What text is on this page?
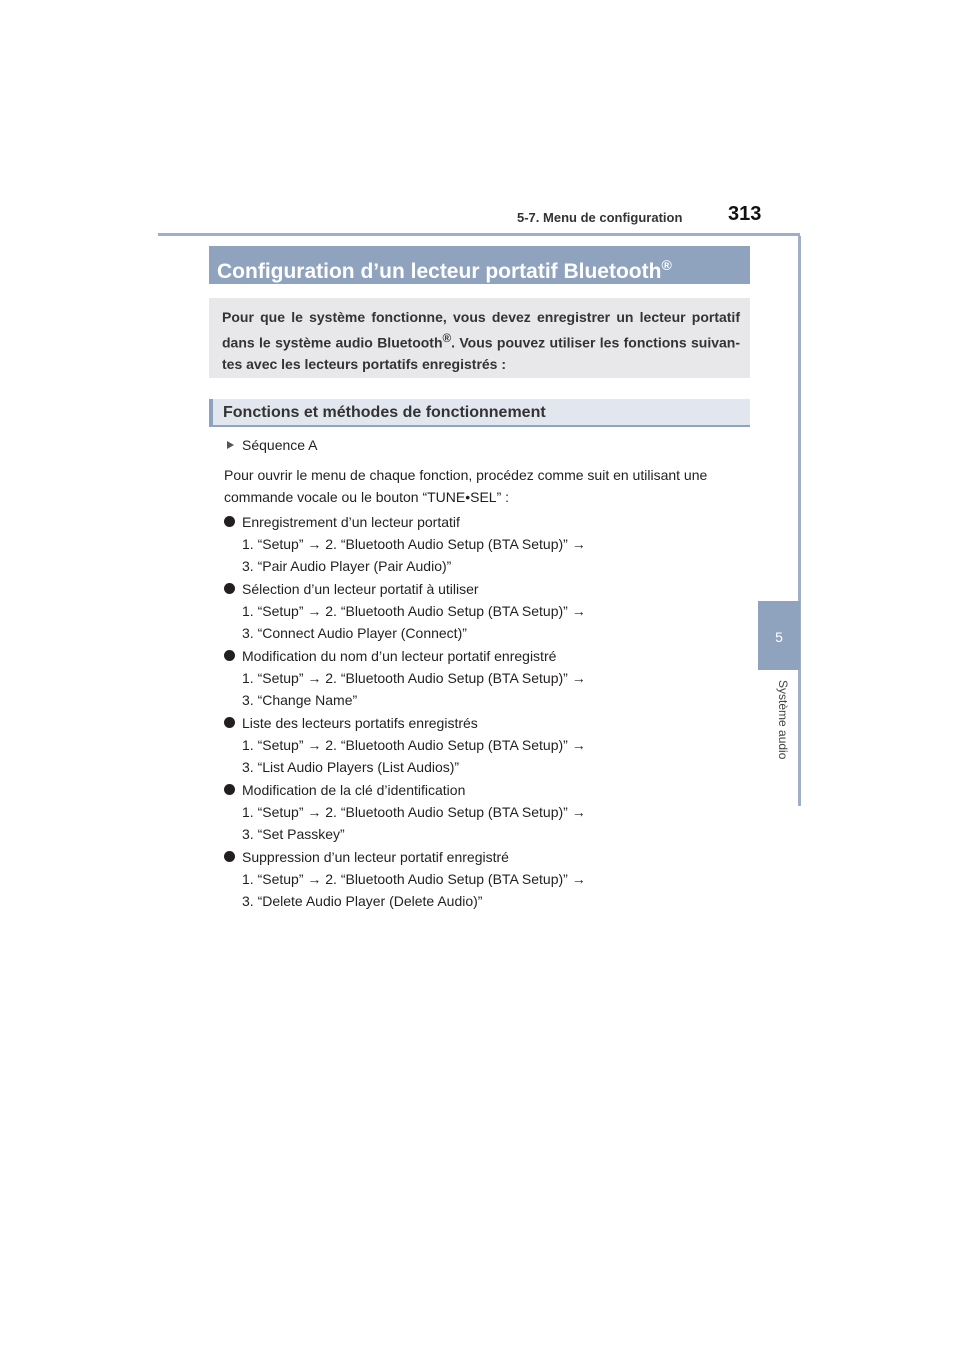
5-7. Menu de configuration 313
5
Système audio
Configuration d’un lecteur portatif Bluetooth®
Pour que le système fonctionne, vous devez enregistrer un lecteur portatif dans le système audio Bluetooth®. Vous pouvez utiliser les fonctions suivan-tes avec les lecteurs portatifs enregistrés :
Fonctions et méthodes de fonctionnement
Séquence A
Pour ouvrir le menu de chaque fonction, procédez comme suit en utilisant une commande vocale ou le bouton “TUNE•SEL” :
Enregistrement d’un lecteur portatif
1. “Setup” → 2. “Bluetooth Audio Setup (BTA Setup)” →
3. “Pair Audio Player (Pair Audio)”
Sélection d’un lecteur portatif à utiliser
1. “Setup” → 2. “Bluetooth Audio Setup (BTA Setup)” →
3. “Connect Audio Player (Connect)”
Modification du nom d’un lecteur portatif enregistré
1. “Setup” → 2. “Bluetooth Audio Setup (BTA Setup)” →
3. “Change Name”
Liste des lecteurs portatifs enregistrés
1. “Setup” → 2. “Bluetooth Audio Setup (BTA Setup)” →
3. “List Audio Players (List Audios)”
Modification de la clé d’identification
1. “Setup” → 2. “Bluetooth Audio Setup (BTA Setup)” →
3. “Set Passkey”
Suppression d’un lecteur portatif enregistré
1. “Setup” → 2. “Bluetooth Audio Setup (BTA Setup)” →
3. “Delete Audio Player (Delete Audio)”
